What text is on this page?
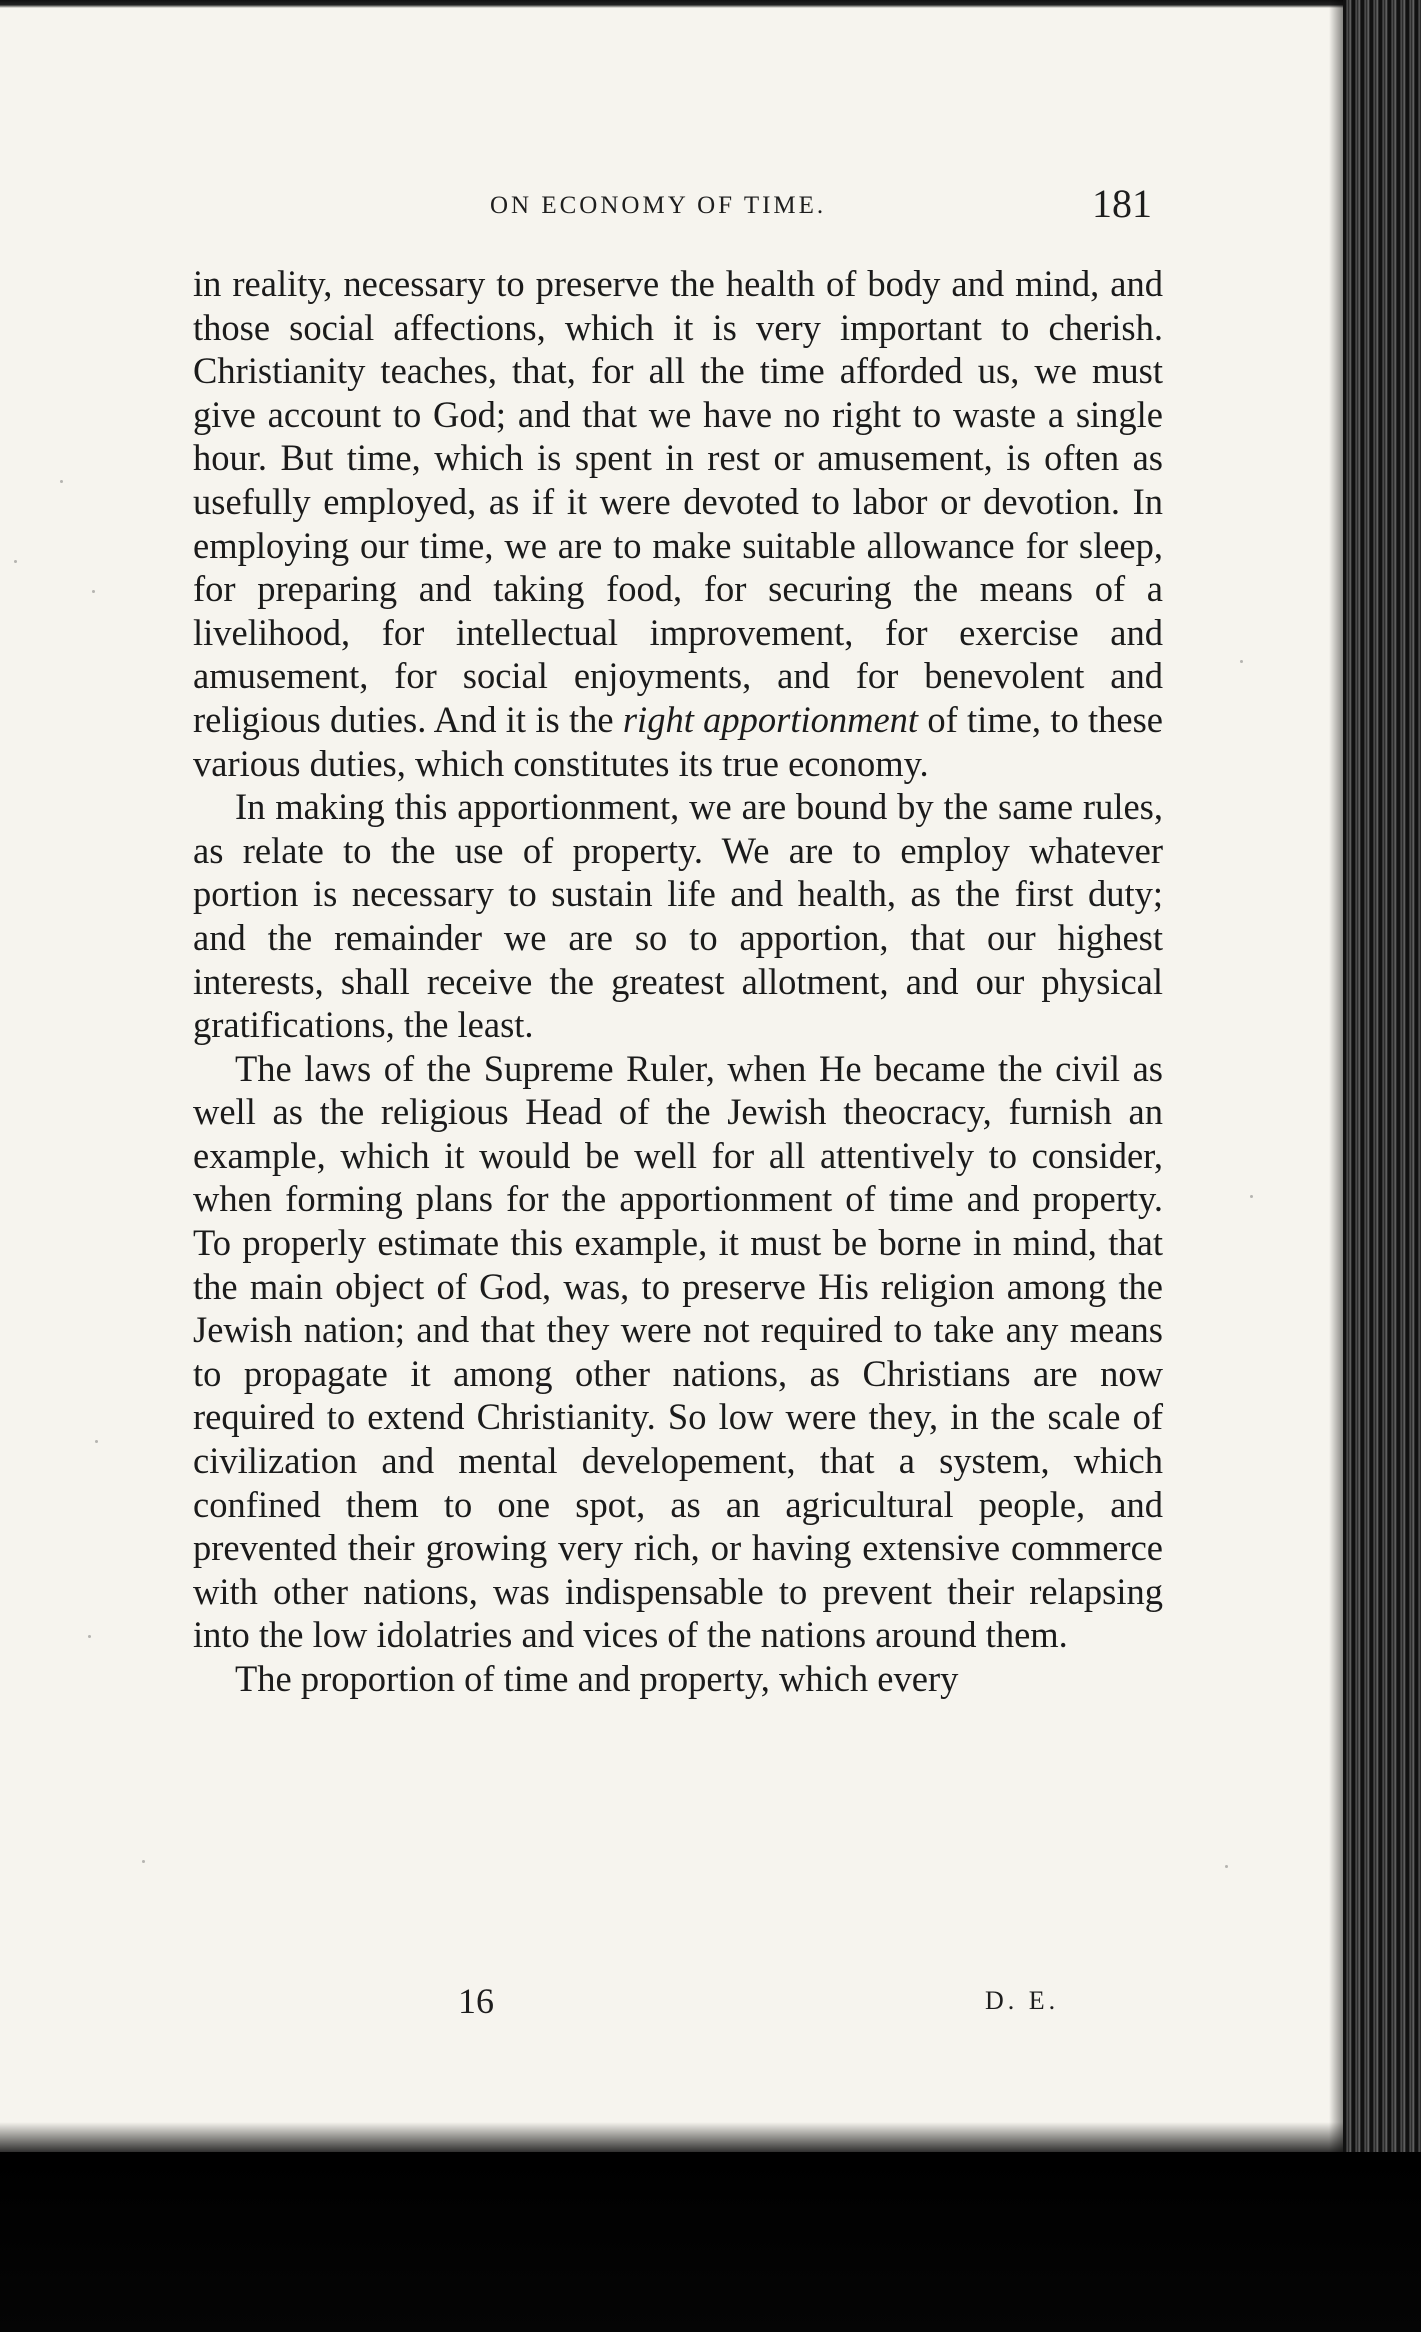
ON ECONOMY OF TIME.	181

in reality, necessary to preserve the health of body and mind, and those social affections, which it is very important to cherish. Christianity teaches, that, for all the time afforded us, we must give account to God; and that we have no right to waste a single hour. But time, which is spent in rest or amusement, is often as usefully employed, as if it were devoted to labor or devotion. In employing our time, we are to make suitable allowance for sleep, for preparing and taking food, for securing the means of a livelihood, for intellectual improvement, for exercise and amusement, for social enjoyments, and for benevolent and religious duties. And it is the right apportionment of time, to these various duties, which constitutes its true economy.

In making this apportionment, we are bound by the same rules, as relate to the use of property. We are to employ whatever portion is necessary to sustain life and health, as the first duty; and the remainder we are so to apportion, that our highest interests, shall receive the greatest allotment, and our physical gratifications, the least.

The laws of the Supreme Ruler, when He became the civil as well as the religious Head of the Jewish theocracy, furnish an example, which it would be well for all attentively to consider, when forming plans for the apportionment of time and property. To properly estimate this example, it must be borne in mind, that the main object of God, was, to preserve His religion among the Jewish nation; and that they were not required to take any means to propagate it among other nations, as Christians are now required to extend Christianity. So low were they, in the scale of civilization and mental developement, that a system, which confined them to one spot, as an agricultural people, and prevented their growing very rich, or having extensive commerce with other nations, was indispensable to prevent their relapsing into the low idolatries and vices of the nations around them.

The proportion of time and property, which every

16	D. E.
